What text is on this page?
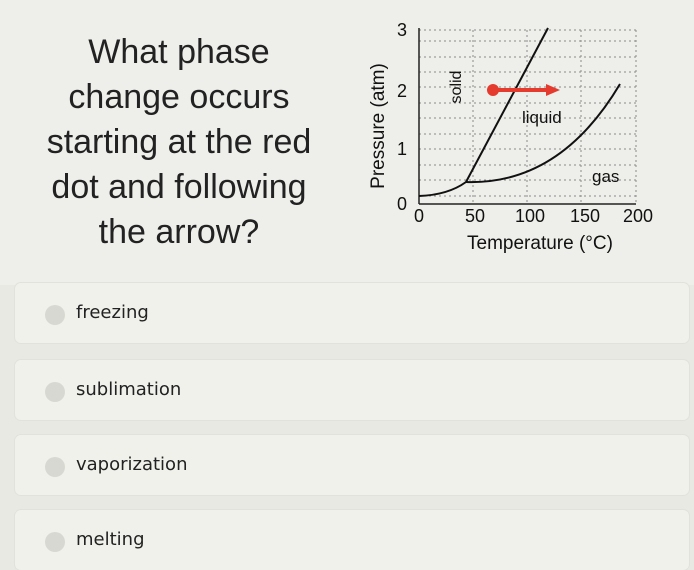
What phase
change occurs
starting at the red
dot and following
the arrow?
3
2
1
0
0 50 100 150 200
Temperature (°C)
Pressure (atm)	solid
liquid
gas
freezing
sublimation
vaporization
melting
